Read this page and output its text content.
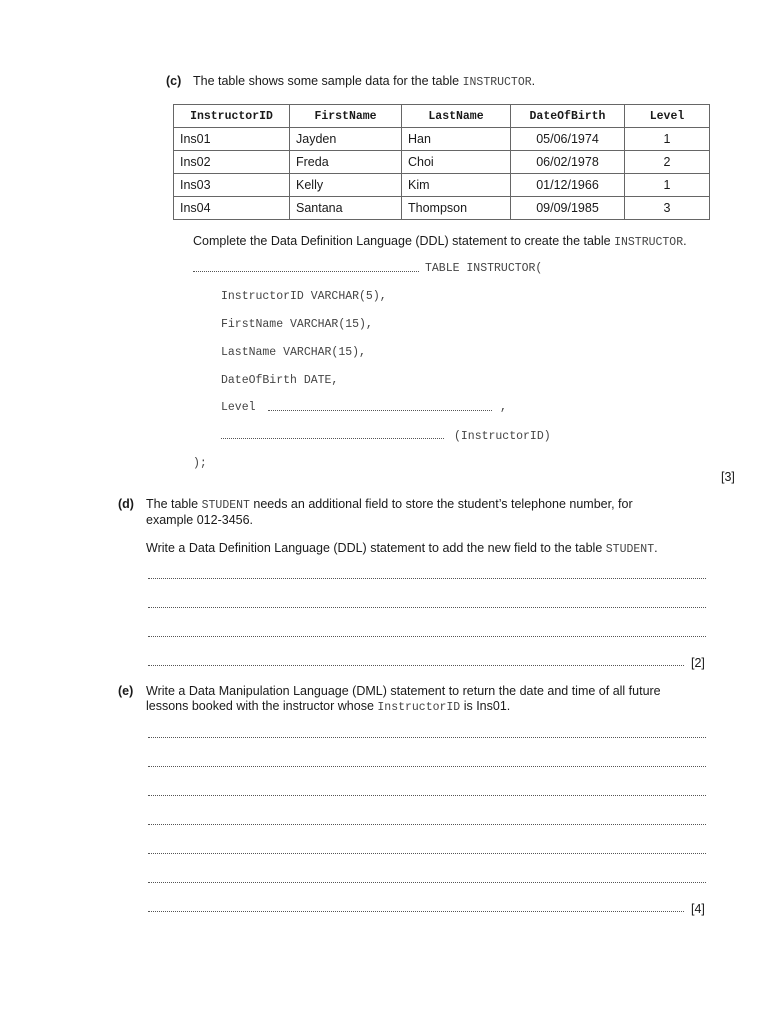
(c) The table shows some sample data for the table INSTRUCTOR.
InstructorID	FirstName	LastName	DateOfBirth	Level
Ins01	Jayden	Han	05/06/1974	1
Ins02	Freda	Choi	06/02/1978	2
Ins03	Kelly	Kim	01/12/1966	1
Ins04	Santana	Thompson	09/09/1985	3
Complete the Data Definition Language (DDL) statement to create the table INSTRUCTOR.
TABLE INSTRUCTOR(
InstructorID VARCHAR(5),
FirstName VARCHAR(15),
LastName VARCHAR(15),
DateOfBirth DATE,
Level	,
(InstructorID)
);
[3]
(d) The table STUDENT needs an additional field to store the student’s telephone number, for
example 012-3456.
Write a Data Definition Language (DDL) statement to add the new field to the table STUDENT.
[2]
(e) Write a Data Manipulation Language (DML) statement to return the date and time of all future
lessons booked with the instructor whose InstructorID is Ins01.
[4]
